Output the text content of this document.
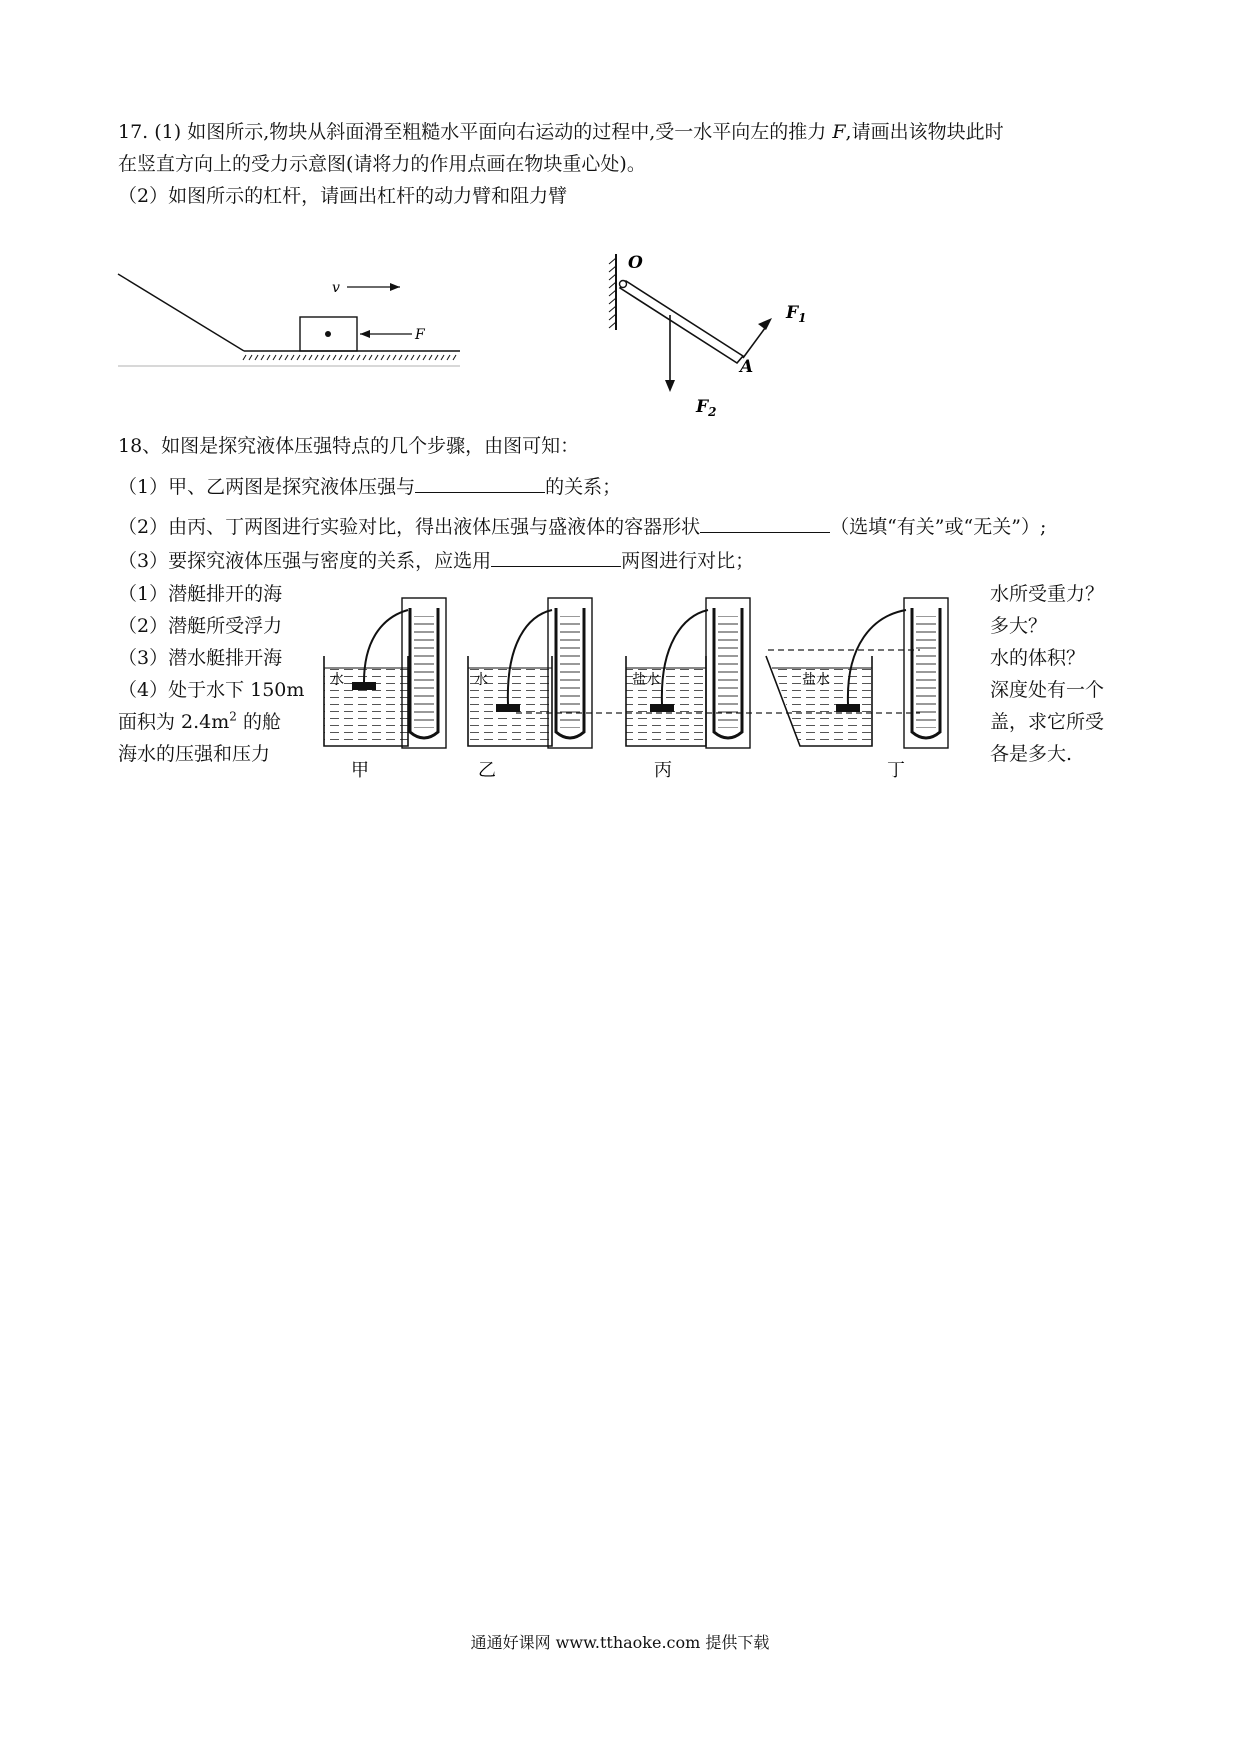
17. (1) 如图所示,物块从斜面滑至粗糙水平面向右运动的过程中,受一水平向左的推力 F,请画出该物块此时
在竖直方向上的受力示意图(请将力的作用点画在物块重心处)。
（2）如图所示的杠杆，请画出杠杆的动力臂和阻力臂
v
F
O
$F_2$
A
$F_1$
18、如图是探究液体压强特点的几个步骤，由图可知：
（1）甲、乙两图是探究液体压强与	的关系；
（2）由丙、丁两图进行实验对比，得出液体压强与盛液体的容器形状	（选填“有关”或“无关”）;
（3）要探究液体压强与密度的关系，应选用	两图进行对比；
（1）潜艇排开的海
（2）潜艇所受浮力
（3）潜水艇排开海
（4）处于水下 150m
面积为 $2.4m^2$ 的舱
海水的压强和压力
水所受重力？
多大？
水的体积？
深度处有一个
盖，求它所受
各是多大.
水
甲
水
乙
盐水
丙
盐水
丁
通通好课网 www.tthaoke.com 提供下载
